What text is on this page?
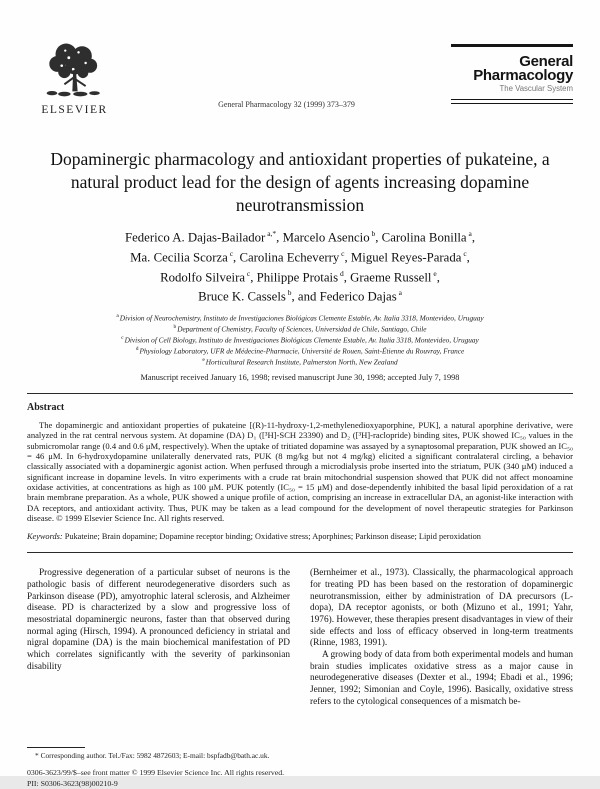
ELSEVIER	General Pharmacology 32 (1999) 373–379
General
Pharmacology
The Vascular System
Dopaminergic pharmacology and antioxidant properties of pukateine, a natural product lead for the design of agents increasing dopamine neurotransmission
Federico A. Dajas-Bailador $^{a,*}$, Marcelo Asencio $^b$, Carolina Bonilla $^a$,
Ma. Cecilia Scorza $^c$, Carolina Echeverry $^c$, Miguel Reyes-Parada $^c$,
Rodolfo Silveira $^c$, Philippe Protais $^d$, Graeme Russell $^e$,
Bruce K. Cassels $^b$, and Federico Dajas $^a$
$^a$Division of Neurochemistry, Instituto de Investigaciones Biológicas Clemente Estable, Av. Italia 3318, Montevideo, Uruguay
$^b$Department of Chemistry, Faculty of Sciences, Universidad de Chile, Santiago, Chile
$^c$Division of Cell Biology, Instituto de Investigaciones Biológicas Clemente Estable, Av. Italia 3318, Montevideo, Uruguay
$^d$Physiology Laboratory, UFR de Médecine-Pharmacie, Université de Rouen, Saint-Étienne du Rouvray, France
$^e$Horticultural Research Institute, Palmerston North, New Zealand
Manuscript received January 16, 1998; revised manuscript June 30, 1998; accepted July 7, 1998
Abstract

The dopaminergic and antioxidant properties of pukateine [(R)-11-hydroxy-1,2-methylenedioxyaporphine, PUK], a natural aporphine derivative, were analyzed in the rat central nervous system. At dopamine (DA) D₁ ([³H]-SCH 23390) and D₂ ([³H]-raclopride) binding sites, PUK showed IC₅₀ values in the submicromolar range (0.4 and 0.6 μM, respectively). When the uptake of tritiated dopamine was assayed by a synaptosomal preparation, PUK showed an IC₅₀ = 46 μM. In 6-hydroxydopamine unilaterally denervated rats, PUK (8 mg/kg but not 4 mg/kg) elicited a significant contralateral circling, a behavior classically associated with a dopaminergic agonist action. When perfused through a microdialysis probe inserted into the striatum, PUK (340 μM) induced a significant increase in dopamine levels. In vitro experiments with a crude rat brain mitochondrial suspension showed that PUK did not affect monoamine oxidase activities, at concentrations as high as 100 μM. PUK potently (IC₅₀ = 15 μM) and dose-dependently inhibited the basal lipid peroxidation of a rat brain membrane preparation. As a whole, PUK showed a unique profile of action, comprising an increase in extracellular DA, an agonist-like interaction with DA receptors, and antioxidant activity. Thus, PUK may be taken as a lead compound for the development of novel therapeutic strategies for Parkinson disease. © 1999 Elsevier Science Inc. All rights reserved.

Keywords: Pukateine; Brain dopamine; Dopamine receptor binding; Oxidative stress; Aporphines; Parkinson disease; Lipid peroxidation

Progressive degeneration of a particular subset of neurons is the pathologic basis of different neurodegenerative disorders such as Parkinson disease (PD), amyotrophic lateral sclerosis, and Alzheimer disease. PD is characterized by a slow and progressive loss of mesostriatal dopaminergic neurons, faster than that observed during normal aging (Hirsch, 1994). A pronounced deficiency in striatal and nigral dopamine (DA) is the main biochemical manifestation of PD which correlates significantly with the severity of parkinsonian disability

* Corresponding author. Tel./Fax: 5982 4872603; E-mail: bspfadb@bath.ac.uk.

(Bernheimer et al., 1973). Classically, the pharmacological approach for treating PD has been based on the restoration of dopaminergic neurotransmission, either by administration of DA precursors (L-dopa), DA receptor agonists, or both (Mizuno et al., 1991; Yahr, 1976). However, these therapies present disadvantages in view of their side effects and loss of efficacy observed in long-term treatments (Rinne, 1983, 1991).

A growing body of data from both experimental models and human brain studies implicates oxidative stress as a major cause in neurodegenerative diseases (Dexter et al., 1994; Ebadi et al., 1996; Jenner, 1992; Simonian and Coyle, 1996). Basically, oxidative stress refers to the cytological consequences of a mismatch be-

0306-3623/99/$–see front matter © 1999 Elsevier Science Inc. All rights reserved.
PII: S0306-3623(98)00210-9
